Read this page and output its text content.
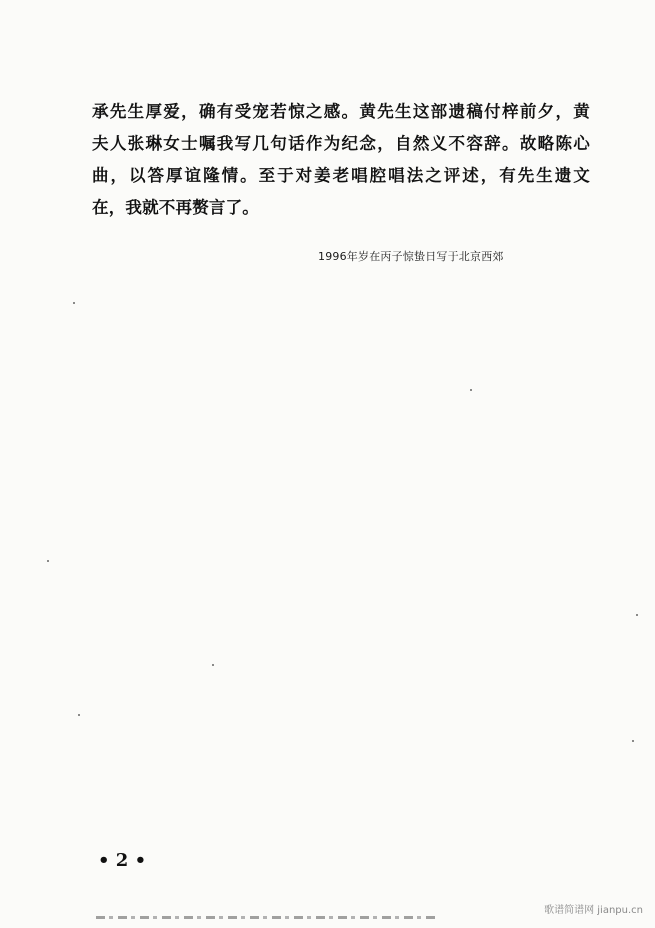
承先生厚爱，确有受宠若惊之感。黄先生这部遗稿付梓前夕，黄
夫人张琳女士嘱我写几句话作为纪念，自然义不容辞。故略陈心
曲，以答厚谊隆情。至于对姜老唱腔唱法之评述，有先生遗文
在，我就不再赘言了。
1996年岁在丙子惊蛰日写于北京西郊
• 2 •
歌谱简谱网 jianpu.cn
